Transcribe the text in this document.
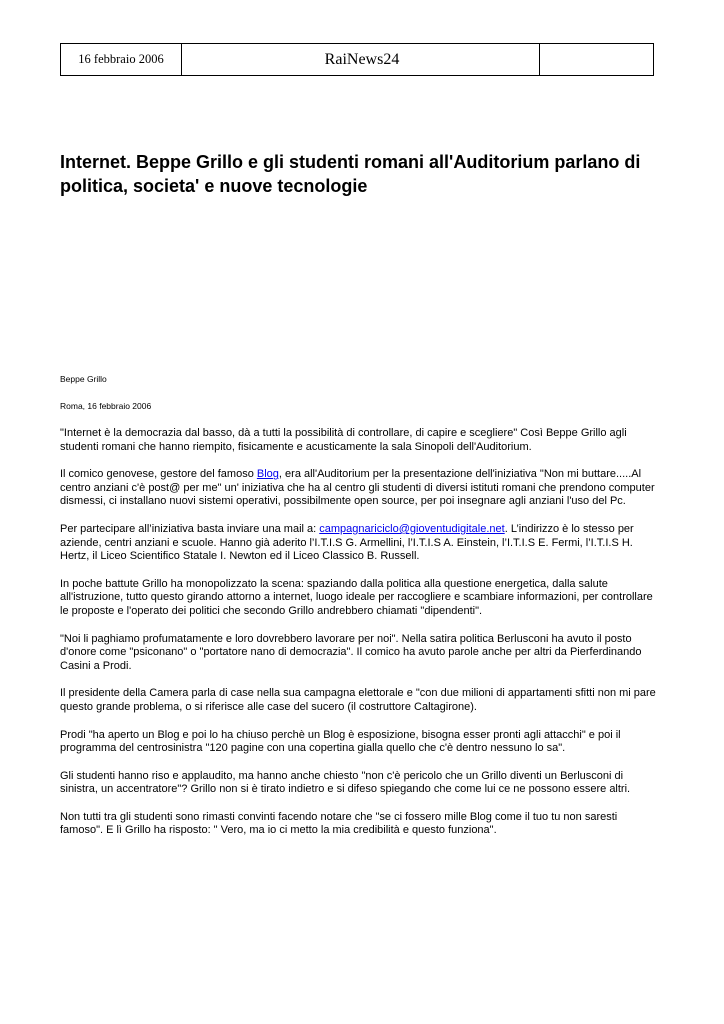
16 febbraio 2006	RaiNews24
Internet. Beppe Grillo e gli studenti romani all'Auditorium parlano di politica, societa' e nuove tecnologie
Beppe Grillo
Roma, 16 febbraio 2006

"Internet è la democrazia dal basso, dà a tutti la possibilità di controllare, di capire e scegliere" Così Beppe Grillo agli studenti romani che hanno riempito, fisicamente e acusticamente la sala Sinopoli dell'Auditorium.

Il comico genovese, gestore del famoso Blog, era all'Auditorium per la presentazione dell'iniziativa "Non mi buttare.....Al centro anziani c'è post@ per me" un' iniziativa che ha al centro gli studenti di diversi istituti romani che prendono computer dismessi, ci installano nuovi sistemi operativi, possibilmente open source, per poi insegnare agli anziani l'uso del Pc.

Per partecipare all’iniziativa basta inviare una mail a: campagnariciclo@gioventudigitale.net. L’indirizzo è lo stesso per aziende, centri anziani e scuole. Hanno già aderito l’I.T.I.S G. Armellini, l’I.T.I.S A. Einstein, l’I.T.I.S E. Fermi, l’I.T.I.S H. Hertz, il Liceo Scientifico Statale I. Newton ed il Liceo Classico B. Russell.

In poche battute Grillo ha monopolizzato la scena: spaziando dalla politica alla questione energetica, dalla salute all'istruzione, tutto questo girando attorno a internet, luogo ideale per raccogliere e scambiare informazioni, per controllare le proposte e l'operato dei politici che secondo Grillo andrebbero chiamati "dipendenti".

"Noi li paghiamo profumatamente e loro dovrebbero lavorare per noi". Nella satira politica Berlusconi ha avuto il posto d'onore come "psiconano" o "portatore nano di democrazia". Il comico ha avuto parole anche per altri da Pierferdinando Casini a Prodi.

Il presidente della Camera parla di case nella sua campagna elettorale e "con due milioni di appartamenti sfitti non mi pare questo grande problema, o si riferisce alle case del sucero (il costruttore Caltagirone).

Prodi "ha aperto un Blog e poi lo ha chiuso perchè un Blog è esposizione, bisogna esser pronti agli attacchi" e poi il programma del centrosinistra "120 pagine con una copertina gialla quello che c'è dentro nessuno lo sa".

Gli studenti hanno riso e applaudito, ma hanno anche chiesto "non c'è pericolo che un Grillo diventi un Berlusconi di sinistra, un accentratore"? Grillo non si è tirato indietro e si difeso spiegando che come lui ce ne possono essere altri.

Non tutti tra gli studenti sono rimasti convinti facendo notare che "se ci fossero mille Blog come il tuo tu non saresti famoso". E lì Grillo ha risposto: " Vero, ma io ci metto la mia credibilità e questo funziona".
